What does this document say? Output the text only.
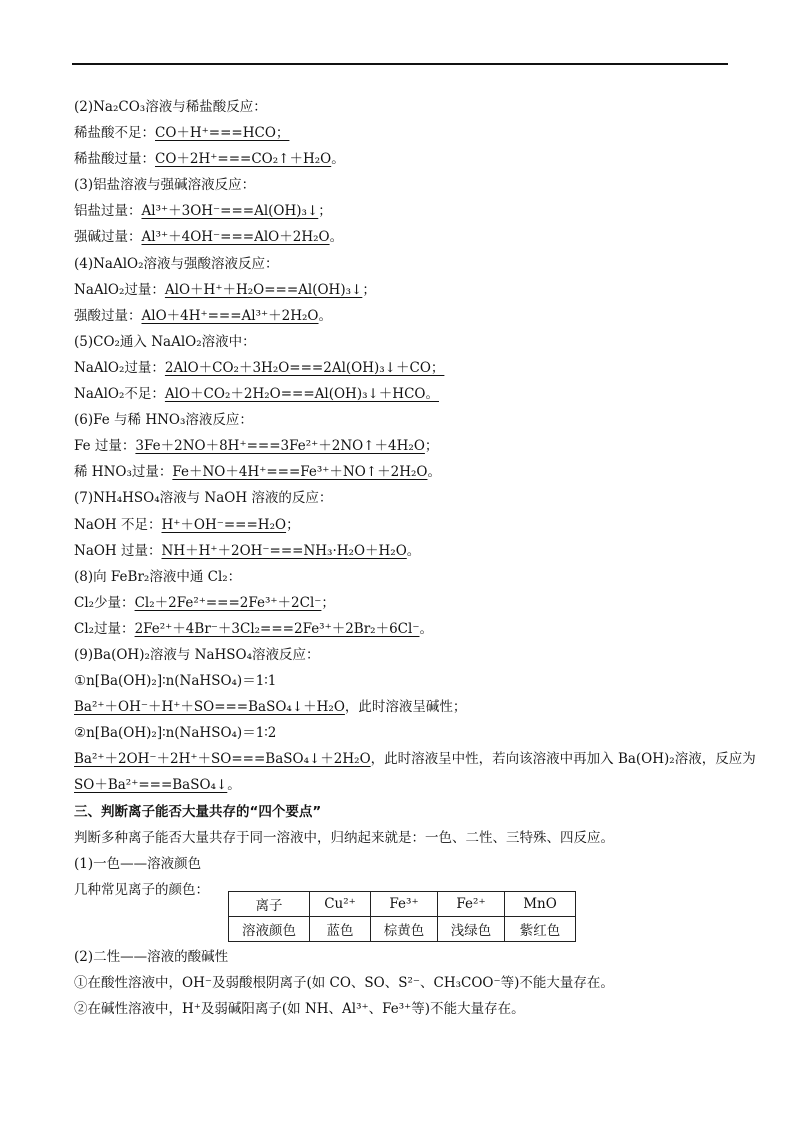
(2)Na₂CO₃溶液与稀盐酸反应：
稀盐酸不足：CO＋H⁺===HCO；
稀盐酸过量：CO＋2H⁺===CO₂↑＋H₂O。
(3)铝盐溶液与强碱溶液反应：
铝盐过量：Al³⁺＋3OH⁻===Al(OH)₃↓；
强碱过量：Al³⁺＋4OH⁻===AlO＋2H₂O。
(4)NaAlO₂溶液与强酸溶液反应：
NaAlO₂过量：AlO＋H⁺＋H₂O===Al(OH)₃↓；
强酸过量：AlO＋4H⁺===Al³⁺＋2H₂O。
(5)CO₂通入 NaAlO₂溶液中：
NaAlO₂过量：2AlO＋CO₂＋3H₂O===2Al(OH)₃↓＋CO；
NaAlO₂不足：AlO＋CO₂＋2H₂O===Al(OH)₃↓＋HCO。
(6)Fe 与稀 HNO₃溶液反应：
Fe 过量：3Fe＋2NO＋8H⁺===3Fe²⁺＋2NO↑＋4H₂O；
稀 HNO₃过量：Fe＋NO＋4H⁺===Fe³⁺＋NO↑＋2H₂O。
(7)NH₄HSO₄溶液与 NaOH 溶液的反应：
NaOH 不足：H⁺＋OH⁻===H₂O；
NaOH 过量：NH＋H⁺＋2OH⁻===NH₃·H₂O＋H₂O。
(8)向 FeBr₂溶液中通 Cl₂：
Cl₂少量：Cl₂＋2Fe²⁺===2Fe³⁺＋2Cl⁻；
Cl₂过量：2Fe²⁺＋4Br⁻＋3Cl₂===2Fe³⁺＋2Br₂＋6Cl⁻。
(9)Ba(OH)₂溶液与 NaHSO₄溶液反应：
①n[Ba(OH)₂]∶n(NaHSO₄)＝1∶1
Ba²⁺＋OH⁻＋H⁺＋SO===BaSO₄↓＋H₂O，此时溶液呈碱性；
②n[Ba(OH)₂]∶n(NaHSO₄)＝1∶2
Ba²⁺＋2OH⁻＋2H⁺＋SO===BaSO₄↓＋2H₂O，此时溶液呈中性，若向该溶液中再加入 Ba(OH)₂溶液，反应为
SO＋Ba²⁺===BaSO₄↓。
三、判断离子能否大量共存的“四个要点”
判断多种离子能否大量共存于同一溶液中，归纳起来就是：一色、二性、三特殊、四反应。
(1)一色——溶液颜色
几种常见离子的颜色：
离子	Cu²⁺	Fe³⁺	Fe²⁺	MnO
溶液颜色	蓝色	棕黄色	浅绿色	紫红色
(2)二性——溶液的酸碱性
①在酸性溶液中，OH⁻及弱酸根阴离子(如 CO、SO、S²⁻、CH₃COO⁻等)不能大量存在。
②在碱性溶液中，H⁺及弱碱阳离子(如 NH、Al³⁺、Fe³⁺等)不能大量存在。
